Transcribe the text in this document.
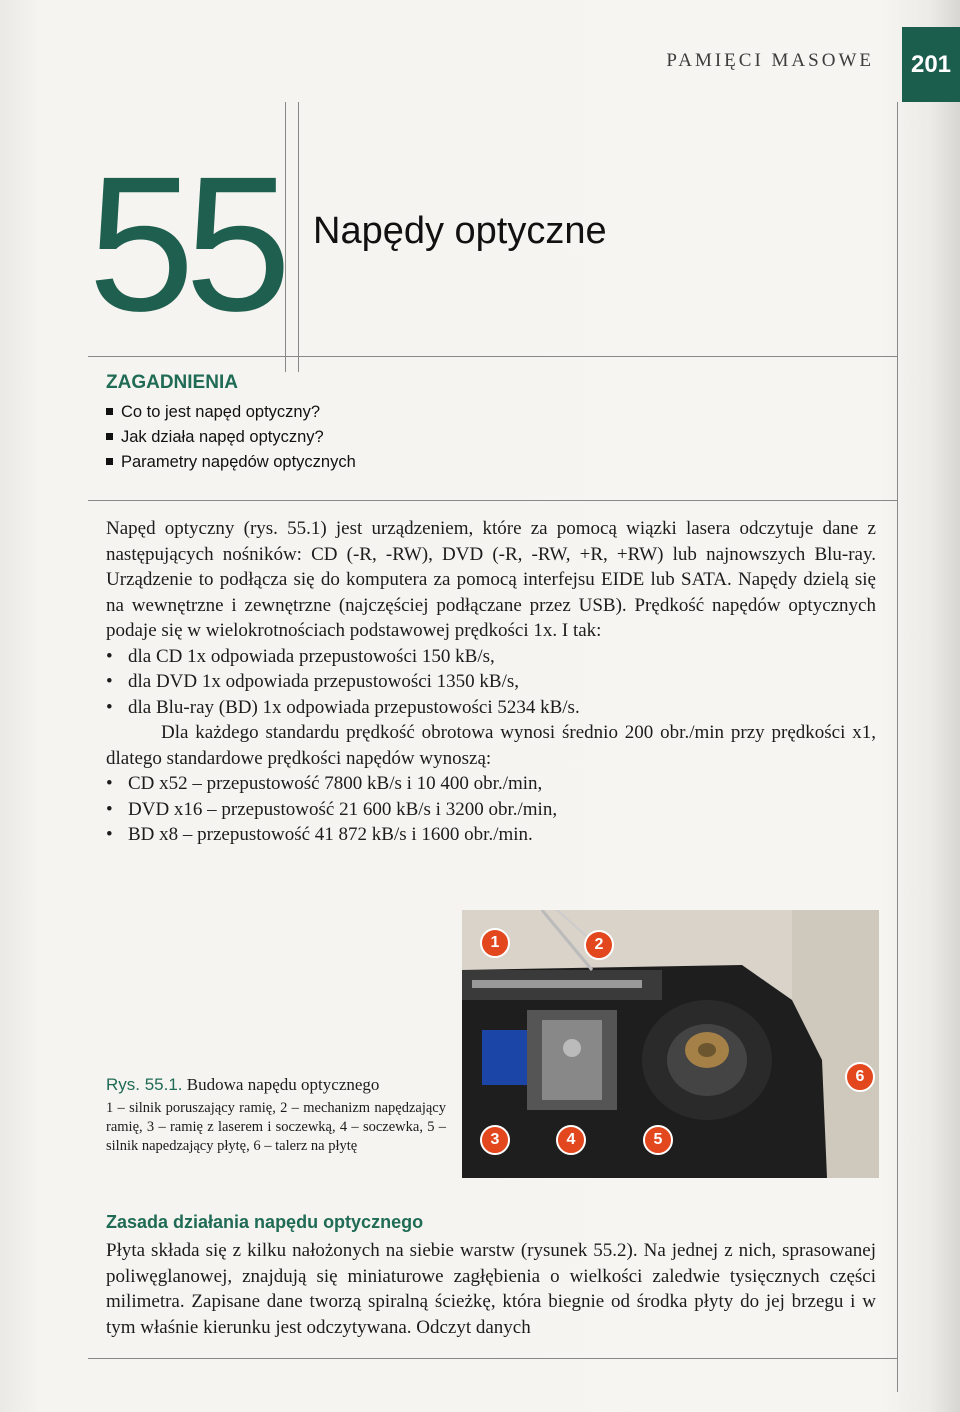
PAMIĘCI MASOWE	201
55 Napędy optyczne
ZAGADNIENIA
Co to jest napęd optyczny?
Jak działa napęd optyczny?
Parametry napędów optycznych

Napęd optyczny (rys. 55.1) jest urządzeniem, które za pomocą wiązki lasera odczytuje dane z następujących nośników: CD (-R, -RW), DVD (-R, -RW, +R, +RW) lub najnowszych Blu-ray. Urządzenie to podłącza się do komputera za pomocą interfejsu EIDE lub SATA. Napędy dzielą się na wewnętrzne i zewnętrzne (najczęściej podłączane przez USB). Prędkość napędów optycznych podaje się w wielokrotnościach podstawowej prędkości 1x. I tak:

• dla CD 1x odpowiada przepustowości 150 kB/s,
• dla DVD 1x odpowiada przepustowości 1350 kB/s,
• dla Blu-ray (BD) 1x odpowiada przepustowości 5234 kB/s.

Dla każdego standardu prędkość obrotowa wynosi średnio 200 obr./min przy prędkości x1, dlatego standardowe prędkości napędów wynoszą:

• CD x52 – przepustowość 7800 kB/s i 10 400 obr./min,
• DVD x16 – przepustowość 21 600 kB/s i 3200 obr./min,
• BD x8 – przepustowość 41 872 kB/s i 1600 obr./min.
1	2
3	4	5
6
Rys. 55.1. Budowa napędu optycznego
1 – silnik poruszający ramię, 2 – mechanizm napędzający ramię, 3 – ramię z laserem i soczewką, 4 – soczewka, 5 – silnik napedzający płytę, 6 – talerz na płytę
Zasada działania napędu optycznego

Płyta składa się z kilku nałożonych na siebie warstw (rysunek 55.2). Na jednej z nich, sprasowanej poliwęglanowej, znajdują się miniaturowe zagłębienia o wielkości zaledwie tysięcznych części milimetra. Zapisane dane tworzą spiralną ścieżkę, która biegnie od środka płyty do jej brzegu i w tym właśnie kierunku jest odczytywana. Odczyt danych
